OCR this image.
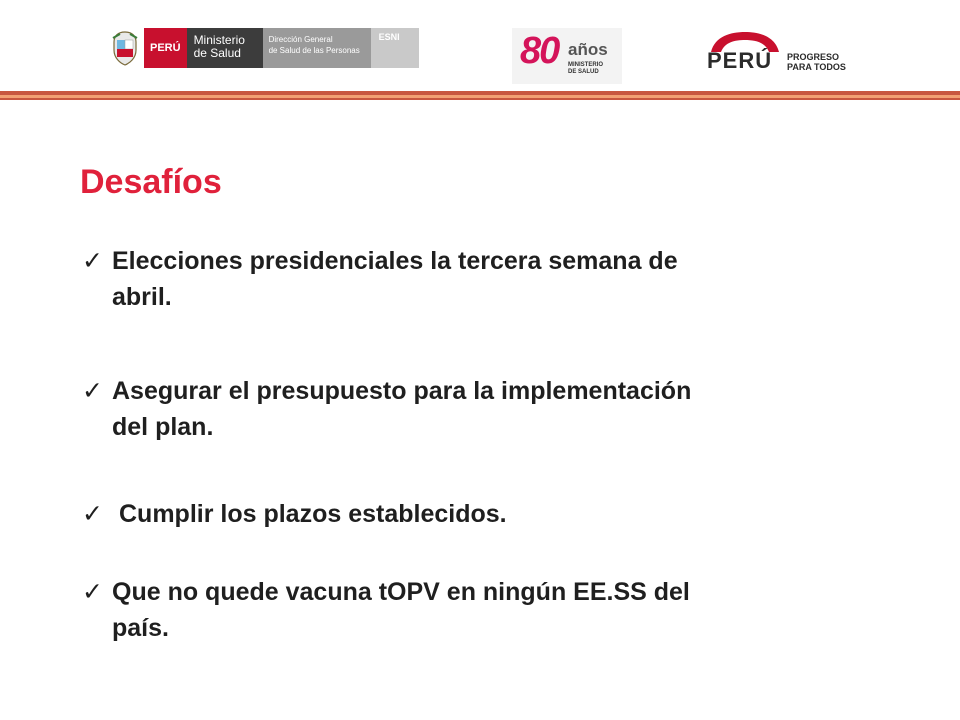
PERÚ
Ministerio
de Salud
Dirección General
de Salud de las Personas
ESNI	80 años
MINISTERIO
DE SALUD	PERÚ PROGRESO
PARA TODOS
Desafíos
✓ Elecciones presidenciales la tercera semana de
abril.
✓ Asegurar el presupuesto para la implementación
del plan.
✓ Cumplir los plazos establecidos.
✓ Que no quede vacuna tOPV en ningún EE.SS del
país.
